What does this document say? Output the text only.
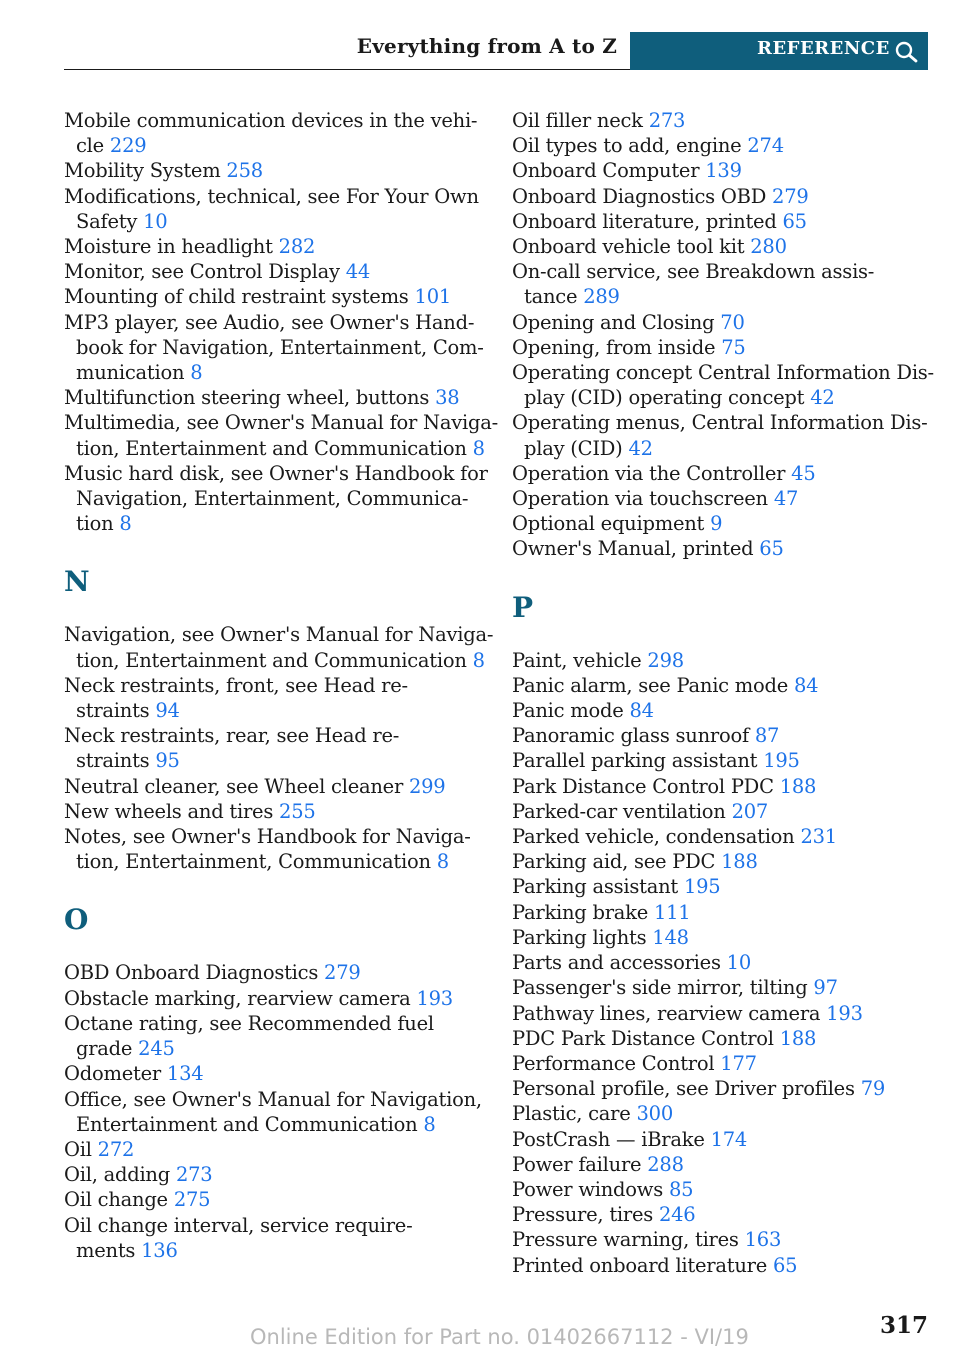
Everything from A to Z	REFERENCE
Mobile communication devices in the vehi-
cle 229
Mobility System 258
Modifications, technical, see For Your Own
Safety 10
Moisture in headlight 282
Monitor, see Control Display 44
Mounting of child restraint systems 101
MP3 player, see Audio, see Owner's Hand-
book for Navigation, Entertainment, Com-
munication 8
Multifunction steering wheel, buttons 38
Multimedia, see Owner's Manual for Naviga-
tion, Entertainment and Communication 8
Music hard disk, see Owner's Handbook for
Navigation, Entertainment, Communica-
tion 8
N
Navigation, see Owner's Manual for Naviga-
tion, Entertainment and Communication 8
Neck restraints, front, see Head re-
straints 94
Neck restraints, rear, see Head re-
straints 95
Neutral cleaner, see Wheel cleaner 299
New wheels and tires 255
Notes, see Owner's Handbook for Naviga-
tion, Entertainment, Communication 8
O
OBD Onboard Diagnostics 279
Obstacle marking, rearview camera 193
Octane rating, see Recommended fuel
grade 245
Odometer 134
Office, see Owner's Manual for Navigation,
Entertainment and Communication 8
Oil 272
Oil, adding 273
Oil change 275
Oil change interval, service require-
ments 136
Oil filler neck 273
Oil types to add, engine 274
Onboard Computer 139
Onboard Diagnostics OBD 279
Onboard literature, printed 65
Onboard vehicle tool kit 280
On-call service, see Breakdown assis-
tance 289
Opening and Closing 70
Opening, from inside 75
Operating concept Central Information Dis-
play (CID) operating concept 42
Operating menus, Central Information Dis-
play (CID) 42
Operation via the Controller 45
Operation via touchscreen 47
Optional equipment 9
Owner's Manual, printed 65
P
Paint, vehicle 298
Panic alarm, see Panic mode 84
Panic mode 84
Panoramic glass sunroof 87
Parallel parking assistant 195
Park Distance Control PDC 188
Parked-car ventilation 207
Parked vehicle, condensation 231
Parking aid, see PDC 188
Parking assistant 195
Parking brake 111
Parking lights 148
Parts and accessories 10
Passenger's side mirror, tilting 97
Pathway lines, rearview camera 193
PDC Park Distance Control 188
Performance Control 177
Personal profile, see Driver profiles 79
Plastic, care 300
PostCrash — iBrake 174
Power failure 288
Power windows 85
Pressure, tires 246
Pressure warning, tires 163
Printed onboard literature 65
317
Online Edition for Part no. 01402667112 - VI/19
